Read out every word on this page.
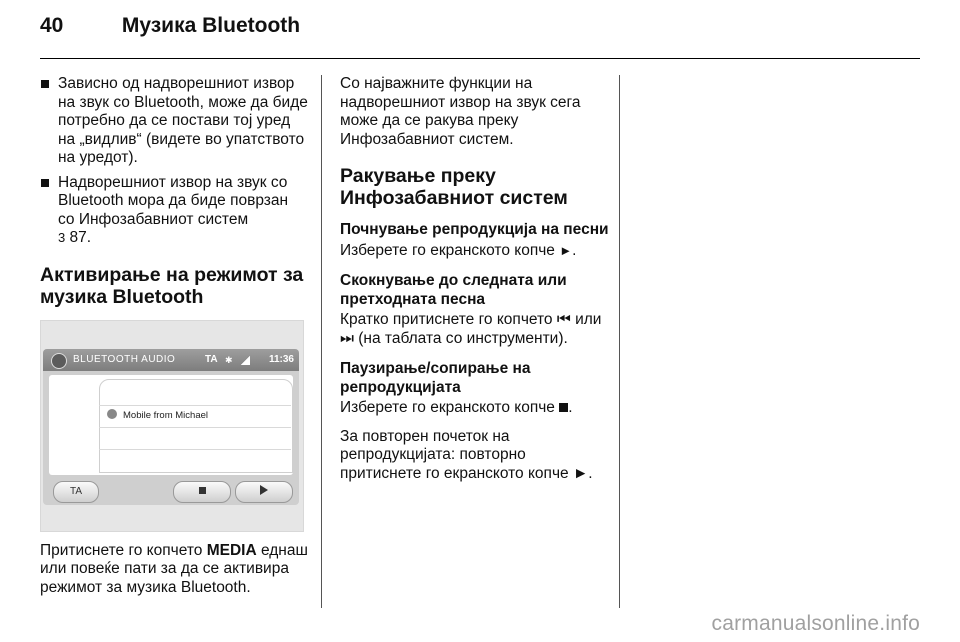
40	Музика Bluetooth
Зависно од надворешниот извор на звук со Bluetooth, може да биде потребно да се постави тој уред на „видлив“ (видете во упатството на уредот).
Надворешниот извор на звук со Bluetooth мора да биде поврзан со Инфозабавниот систем
3 87.
Активирање на режимот за музика Bluetooth
BLUETOOTH AUDIO	TA ✱	11:36
Mobile from Michael
TA

Притиснете го копчето MEDIA еднаш или повеќе пати за да се активира режимот за музика Bluetooth.

Со најважните функции на надворешниот извор на звук сега може да се ракува преку Инфозабавниот систем.

Ракување преку Инфозабавниот систем
Почнување репродукција на песни

Изберете го екранското копче ►.

Скокнување до следната или претходната песна

Кратко притиснете го копчето ⏮ или ⏭ (на таблата со инструменти).

Паузирање/сопирање на репродукцијата

Изберете го екранското копче .

За повторен почеток на репродукцијата: повторно притиснете го екранското копче ►.

carmanualsonline.info
